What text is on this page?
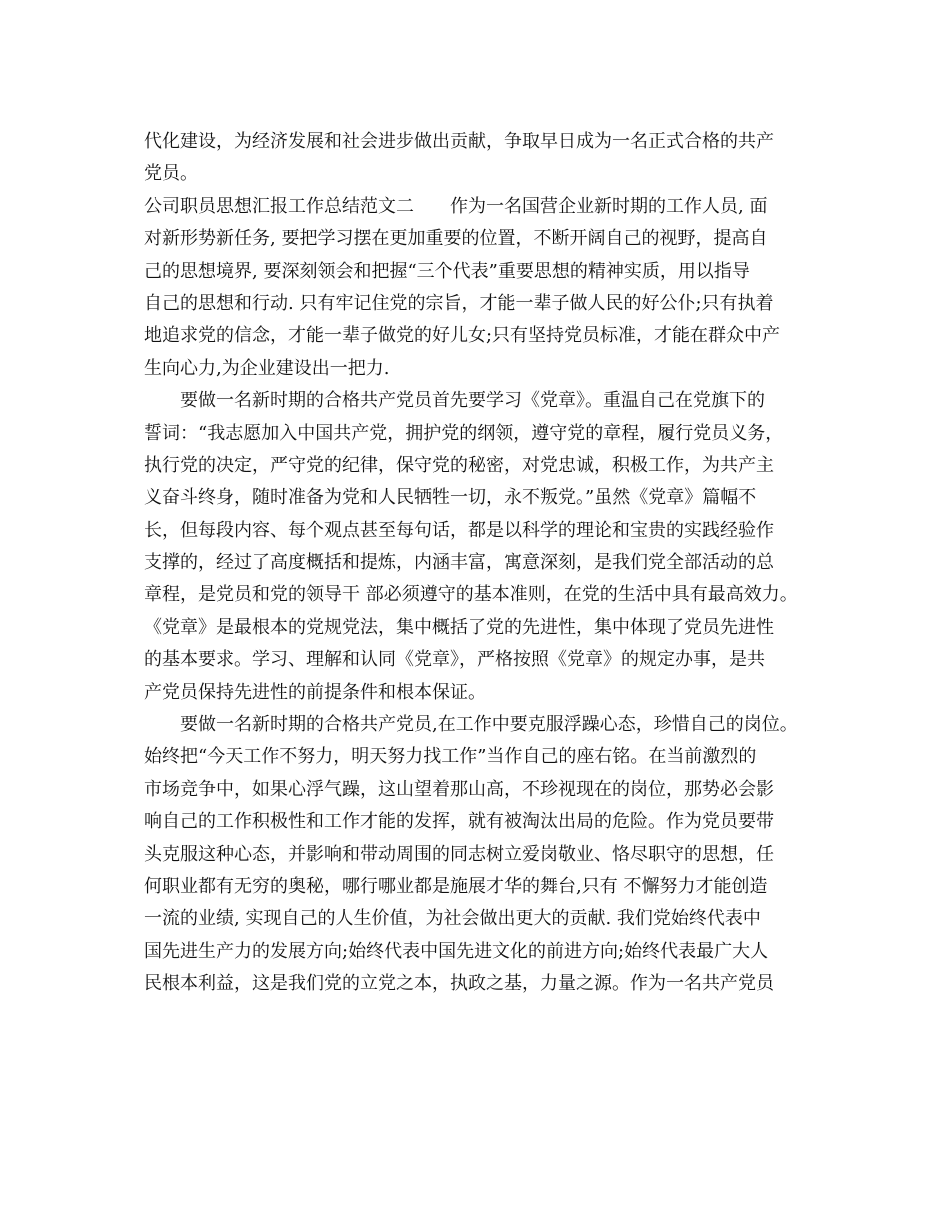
代化建设，为经济发展和社会进步做出贡献，争取早日成为一名正式合格的共产
党员。
公司职员思想汇报工作总结范文二　　作为一名国营企业新时期的工作人员, 面
对新形势新任务, 要把学习摆在更加重要的位置，不断开阔自己的视野，提高自
己的思想境界, 要深刻领会和把握“三个代表”重要思想的精神实质，用以指导
自己的思想和行动. 只有牢记住党的宗旨，才能一辈子做人民的好公仆;只有执着
地追求党的信念，才能一辈子做党的好儿女;只有坚持党员标准，才能在群众中产
生向心力,为企业建设出一把力.
　　要做一名新时期的合格共产党员首先要学习《党章》。重温自己在党旗下的
誓词：“我志愿加入中国共产党，拥护党的纲领，遵守党的章程，履行党员义务，
执行党的决定，严守党的纪律，保守党的秘密，对党忠诚，积极工作，为共产主
义奋斗终身，随时准备为党和人民牺牲一切，永不叛党。”虽然《党章》篇幅不
长，但每段内容、每个观点甚至每句话，都是以科学的理论和宝贵的实践经验作
支撑的，经过了高度概括和提炼，内涵丰富，寓意深刻，是我们党全部活动的总
章程，是党员和党的领导干 部必须遵守的基本准则，在党的生活中具有最高效力。
《党章》是最根本的党规党法，集中概括了党的先进性，集中体现了党员先进性
的基本要求。学习、理解和认同《党章》，严格按照《党章》的规定办事，是共
产党员保持先进性的前提条件和根本保证。
　　要做一名新时期的合格共产党员,在工作中要克服浮躁心态，珍惜自己的岗位。
始终把“今天工作不努力，明天努力找工作”当作自己的座右铭。在当前激烈的
市场竞争中，如果心浮气躁，这山望着那山高，不珍视现在的岗位，那势必会影
响自己的工作积极性和工作才能的发挥，就有被淘汰出局的危险。作为党员要带
头克服这种心态，并影响和带动周围的同志树立爱岗敬业、恪尽职守的思想，任
何职业都有无穷的奥秘，哪行哪业都是施展才华的舞台,只有 不懈努力才能创造
一流的业绩, 实现自己的人生价值，为社会做出更大的贡献. 我们党始终代表中
国先进生产力的发展方向;始终代表中国先进文化的前进方向;始终代表最广大人
民根本利益，这是我们党的立党之本，执政之基，力量之源。作为一名共产党员
